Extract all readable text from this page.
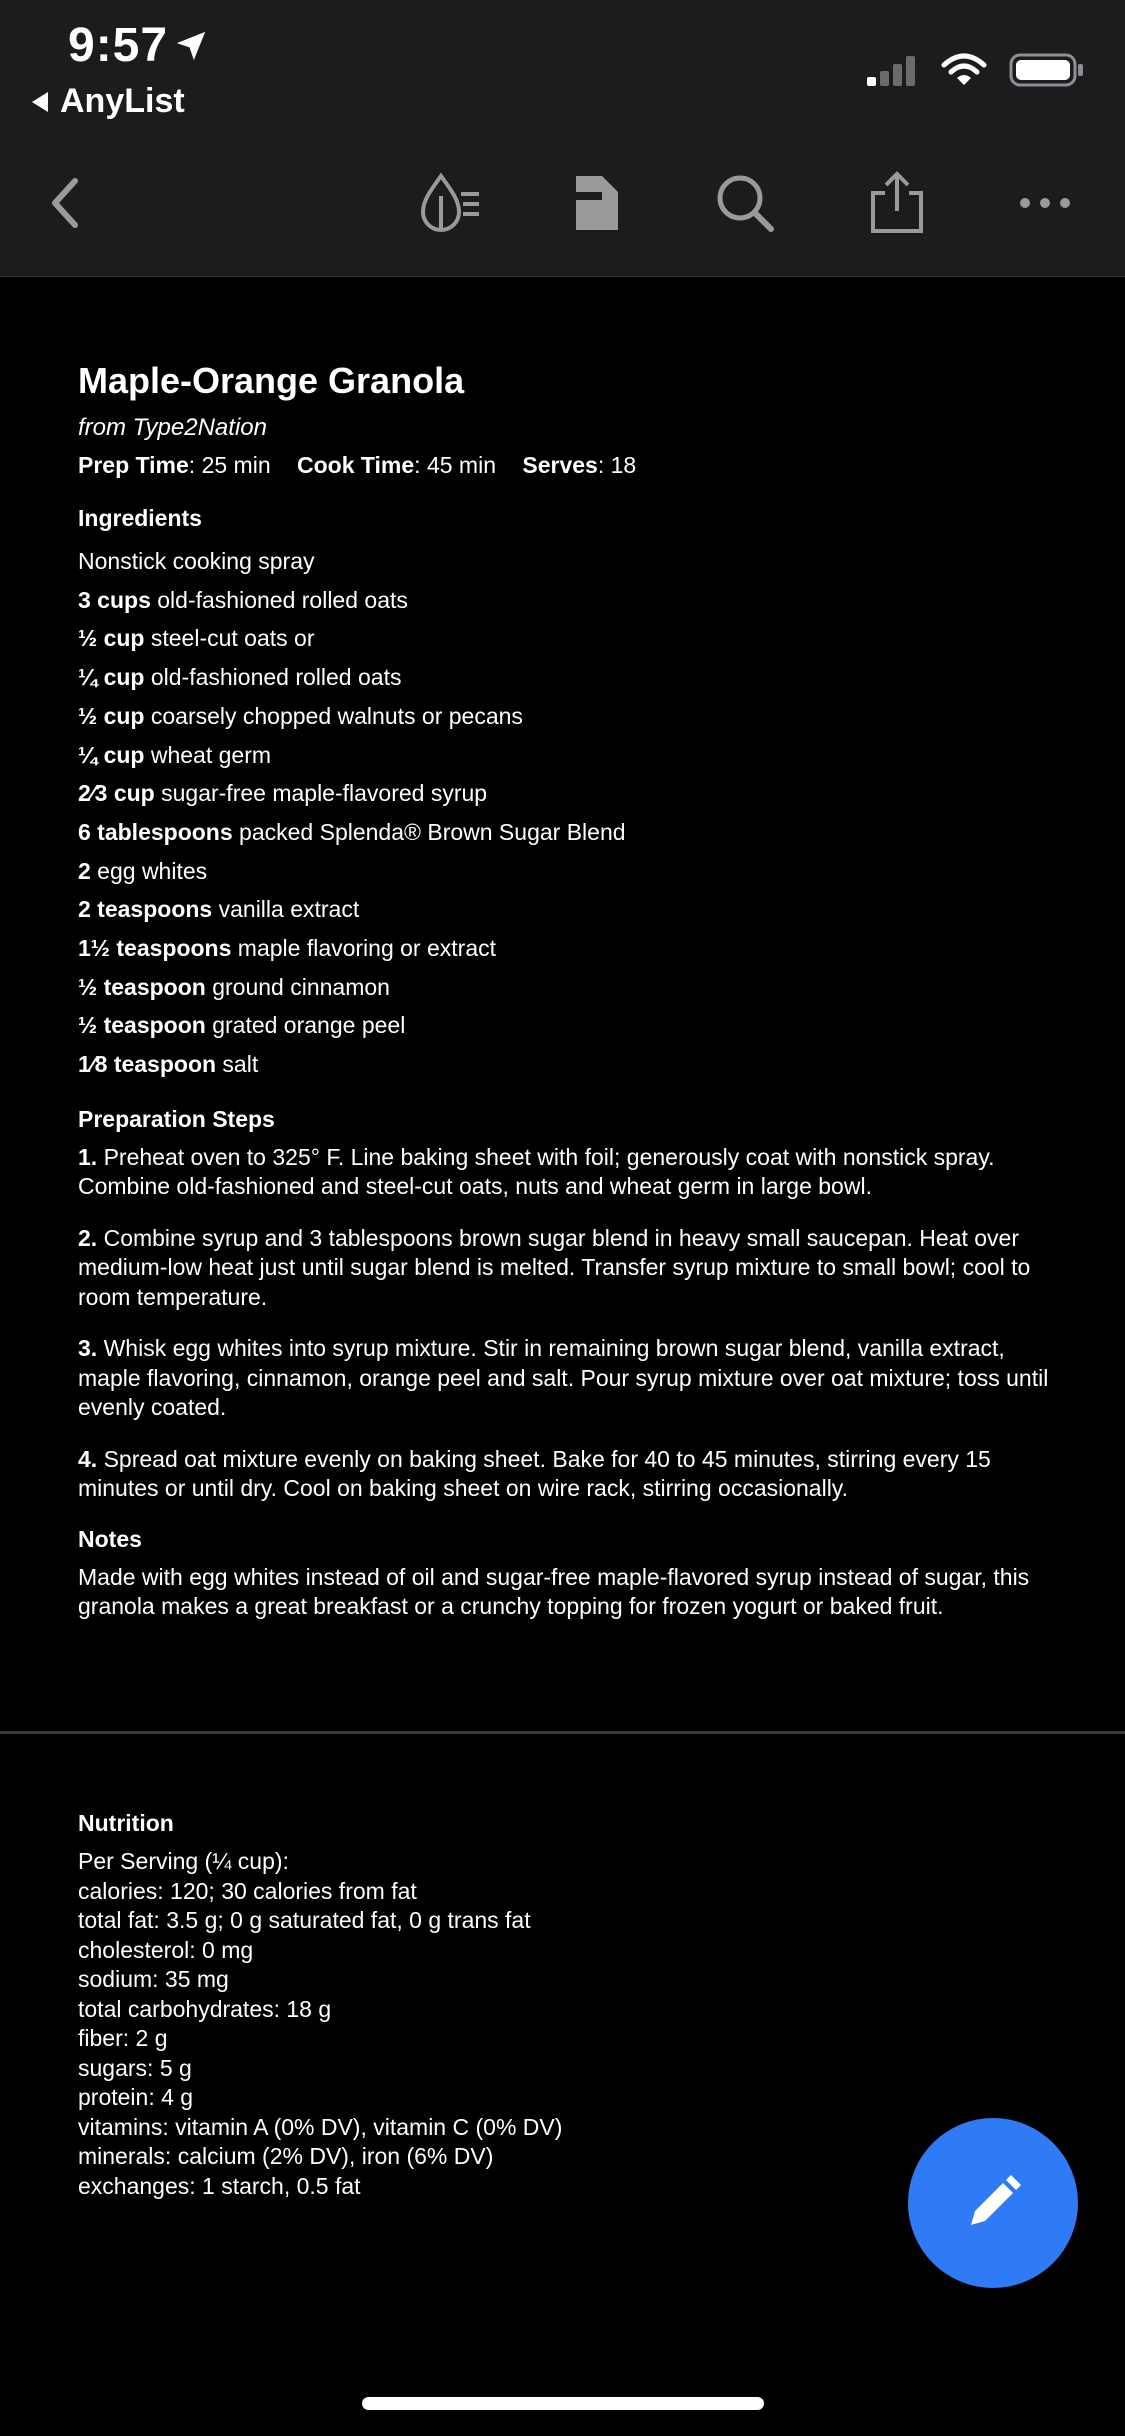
9:57
AnyList
Maple-Orange Granola
from Type2Nation
Prep Time: 25 min Cook Time: 45 min Serves: 18
Ingredients
Nonstick cooking spray
3 cups old-fashioned rolled oats
½ cup steel-cut oats or
¼ cup old-fashioned rolled oats
½ cup coarsely chopped walnuts or pecans
¼ cup wheat germ
2⁄3 cup sugar-free maple-flavored syrup
6 tablespoons packed Splenda® Brown Sugar Blend
2 egg whites
2 teaspoons vanilla extract
1½ teaspoons maple flavoring or extract
½ teaspoon ground cinnamon
½ teaspoon grated orange peel
1⁄8 teaspoon salt
Preparation Steps
1. Preheat oven to 325° F. Line baking sheet with foil; generously coat with nonstick spray. Combine old-fashioned and steel-cut oats, nuts and wheat germ in large bowl.
2. Combine syrup and 3 tablespoons brown sugar blend in heavy small saucepan. Heat over medium-low heat just until sugar blend is melted. Transfer syrup mixture to small bowl; cool to room temperature.
3. Whisk egg whites into syrup mixture. Stir in remaining brown sugar blend, vanilla extract, maple flavoring, cinnamon, orange peel and salt. Pour syrup mixture over oat mixture; toss until evenly coated.
4. Spread oat mixture evenly on baking sheet. Bake for 40 to 45 minutes, stirring every 15 minutes or until dry. Cool on baking sheet on wire rack, stirring occasionally.
Notes
Made with egg whites instead of oil and sugar-free maple-flavored syrup instead of sugar, this granola makes a great breakfast or a crunchy topping for frozen yogurt or baked fruit.
Nutrition
Per Serving (¼ cup):
calories: 120; 30 calories from fat
total fat: 3.5 g; 0 g saturated fat, 0 g trans fat
cholesterol: 0 mg
sodium: 35 mg
total carbohydrates: 18 g
fiber: 2 g
sugars: 5 g
protein: 4 g
vitamins: vitamin A (0% DV), vitamin C (0% DV)
minerals: calcium (2% DV), iron (6% DV)
exchanges: 1 starch, 0.5 fat
